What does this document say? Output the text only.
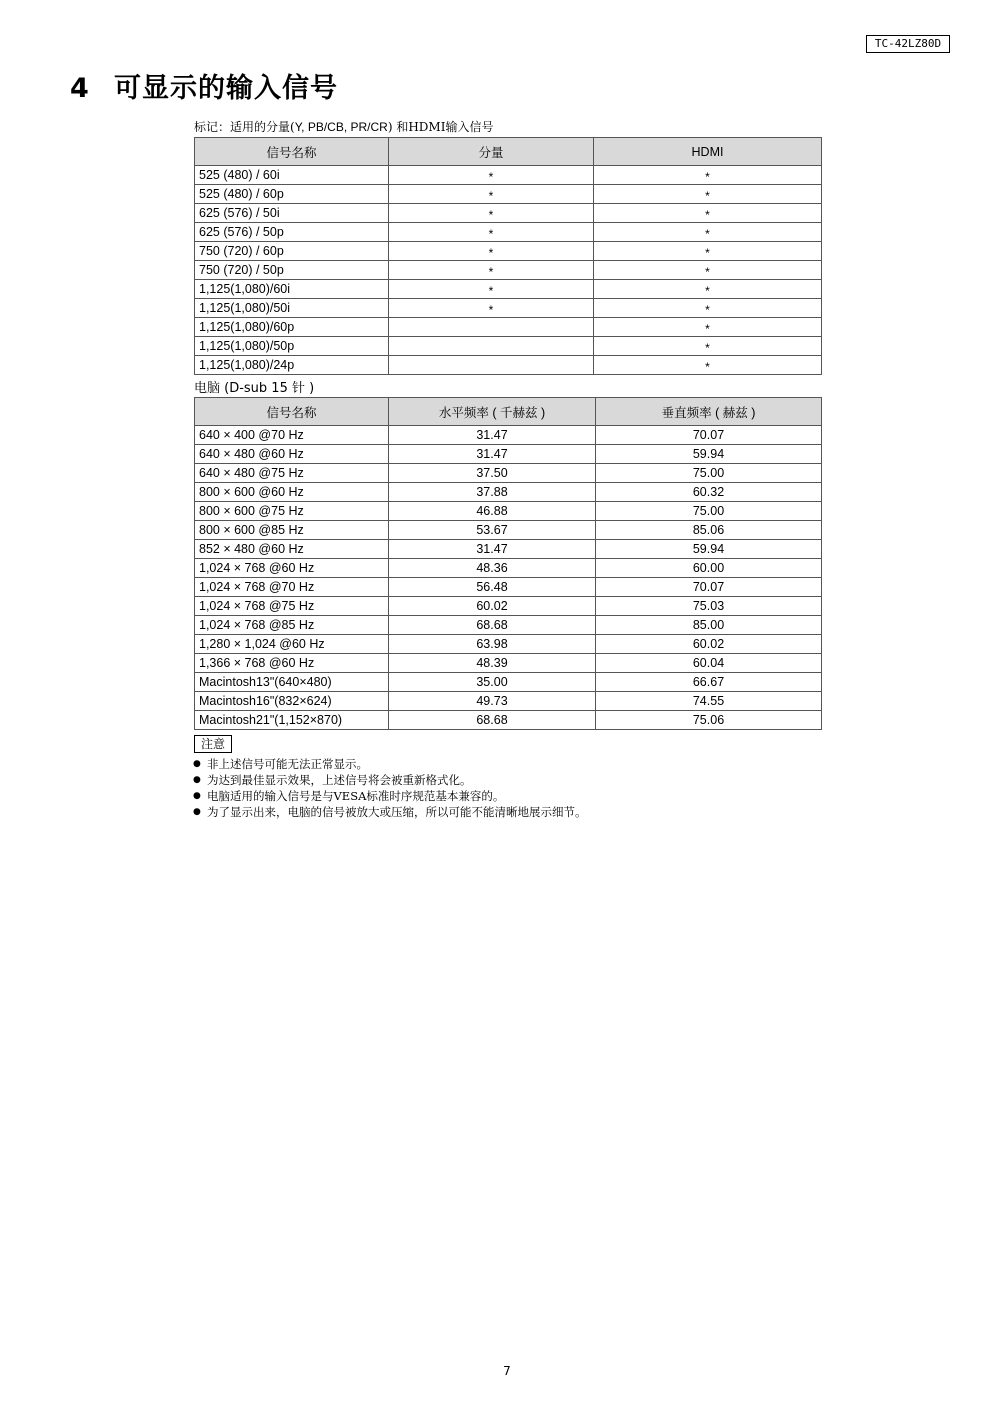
TC-42LZ80D
4 可显示的输入信号
标记：适用的分量(Y, PB/CB, PR/CR) 和HDMI输入信号
信号名称	分量	HDMI
525 (480) / 60i	*	*
525 (480) / 60p	*	*
625 (576) / 50i	*	*
625 (576) / 50p	*	*
750 (720) / 60p	*	*
750 (720) / 50p	*	*
1,125(1,080)/60i	*	*
1,125(1,080)/50i	*	*
1,125(1,080)/60p		*
1,125(1,080)/50p		*
1,125(1,080)/24p		*
电脑 (D-sub 15 针 )
信号名称	水平频率 ( 千赫兹 )	垂直频率 ( 赫兹 )
640 × 400 @70 Hz	31.47	70.07
640 × 480 @60 Hz	31.47	59.94
640 × 480 @75 Hz	37.50	75.00
800 × 600 @60 Hz	37.88	60.32
800 × 600 @75 Hz	46.88	75.00
800 × 600 @85 Hz	53.67	85.06
852 × 480 @60 Hz	31.47	59.94
1,024 × 768 @60 Hz	48.36	60.00
1,024 × 768 @70 Hz	56.48	70.07
1,024 × 768 @75 Hz	60.02	75.03
1,024 × 768 @85 Hz	68.68	85.00
1,280 × 1,024 @60 Hz	63.98	60.02
1,366 × 768 @60 Hz	48.39	60.04
Macintosh13"(640×480)	35.00	66.67
Macintosh16"(832×624)	49.73	74.55
Macintosh21"(1,152×870)	68.68	75.06
注意
● 非上述信号可能无法正常显示。
● 为达到最佳显示效果，上述信号将会被重新格式化。
● 电脑适用的输入信号是与VESA标准时序规范基本兼容的。
● 为了显示出来，电脑的信号被放大或压缩，所以可能不能清晰地展示细节。
7
